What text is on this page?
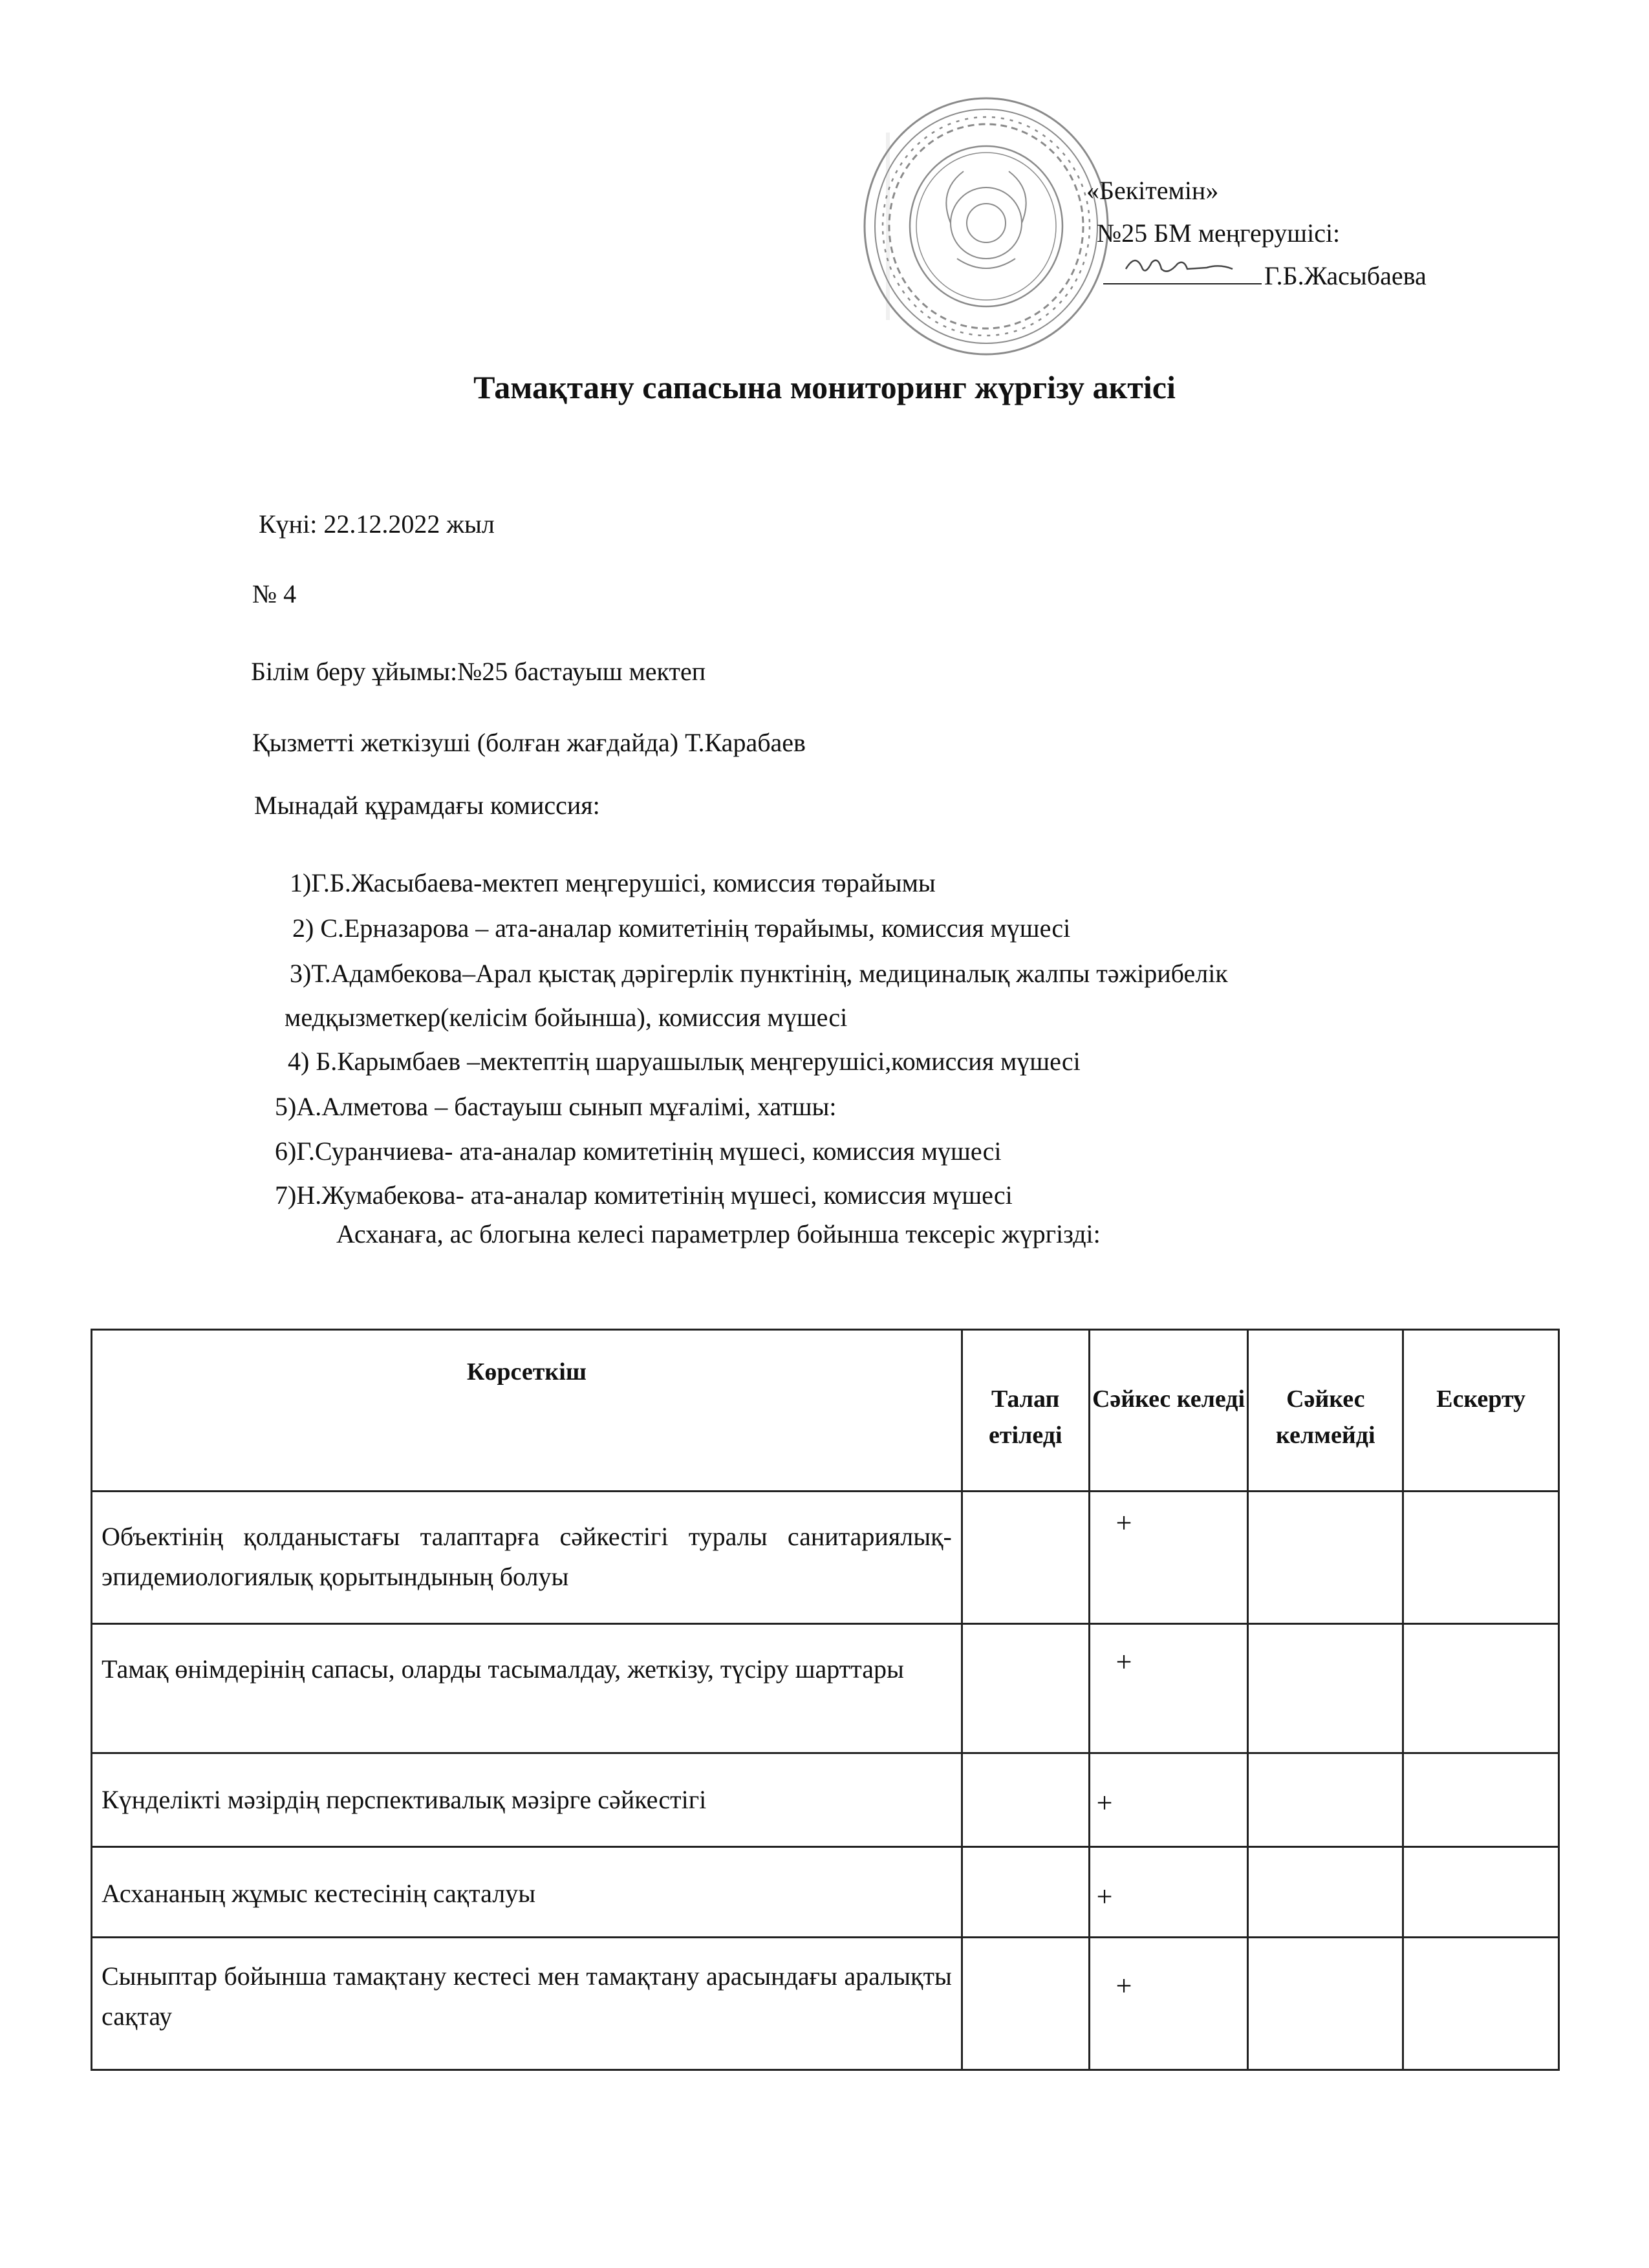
«Бекітемін»
№25 БМ меңгерушісі:
Г.Б.Жасыбаева
Тамақтану сапасына мониторинг жүргізу актісі
Күні: 22.12.2022 жыл
№ 4
Білім беру ұйымы:№25 бастауыш мектеп
Қызметті жеткізуші (болған жағдайда) Т.Карабаев
Мынадай құрамдағы комиссия:
1)Г.Б.Жасыбаева-мектеп меңгерушісі, комиссия төрайымы
2) С.Ерназарова – ата-аналар комитетінің төрайымы, комиссия мүшесі
3)Т.Адамбекова–Арал қыстақ дәрігерлік пунктінің, медициналық жалпы тәжірибелік
медқызметкер(келісім бойынша), комиссия мүшесі
4) Б.Карымбаев –мектептің шаруашылық меңгерушісі,комиссия мүшесі
5)А.Алметова – бастауыш сынып мұғалімі, хатшы:
6)Г.Суранчиева- ата-аналар комитетінің мүшесі, комиссия мүшесі
7)Н.Жумабекова- ата-аналар комитетінің мүшесі, комиссия мүшесі
Асханаға, ас блогына келесі параметрлер бойынша тексеріс жүргізді:
Көрсеткіш	Талап етіледі	Сәйкес келеді	Сәйкес келмейді	Ескерту
Объектінің қолданыстағы талаптарға сәйкестігі туралы санитариялық-эпидемиологиялық қорытындының болуы		+		
Тамақ өнімдерінің сапасы, оларды тасымалдау, жеткізу, түсіру шарттары		+		
Күнделікті мәзірдің перспективалық мәзірге сәйкестігі		+		
Асхананың жұмыс кестесінің сақталуы		+		
Сыныптар бойынша тамақтану кестесі мен тамақтану арасындағы аралықты сақтау		+		
